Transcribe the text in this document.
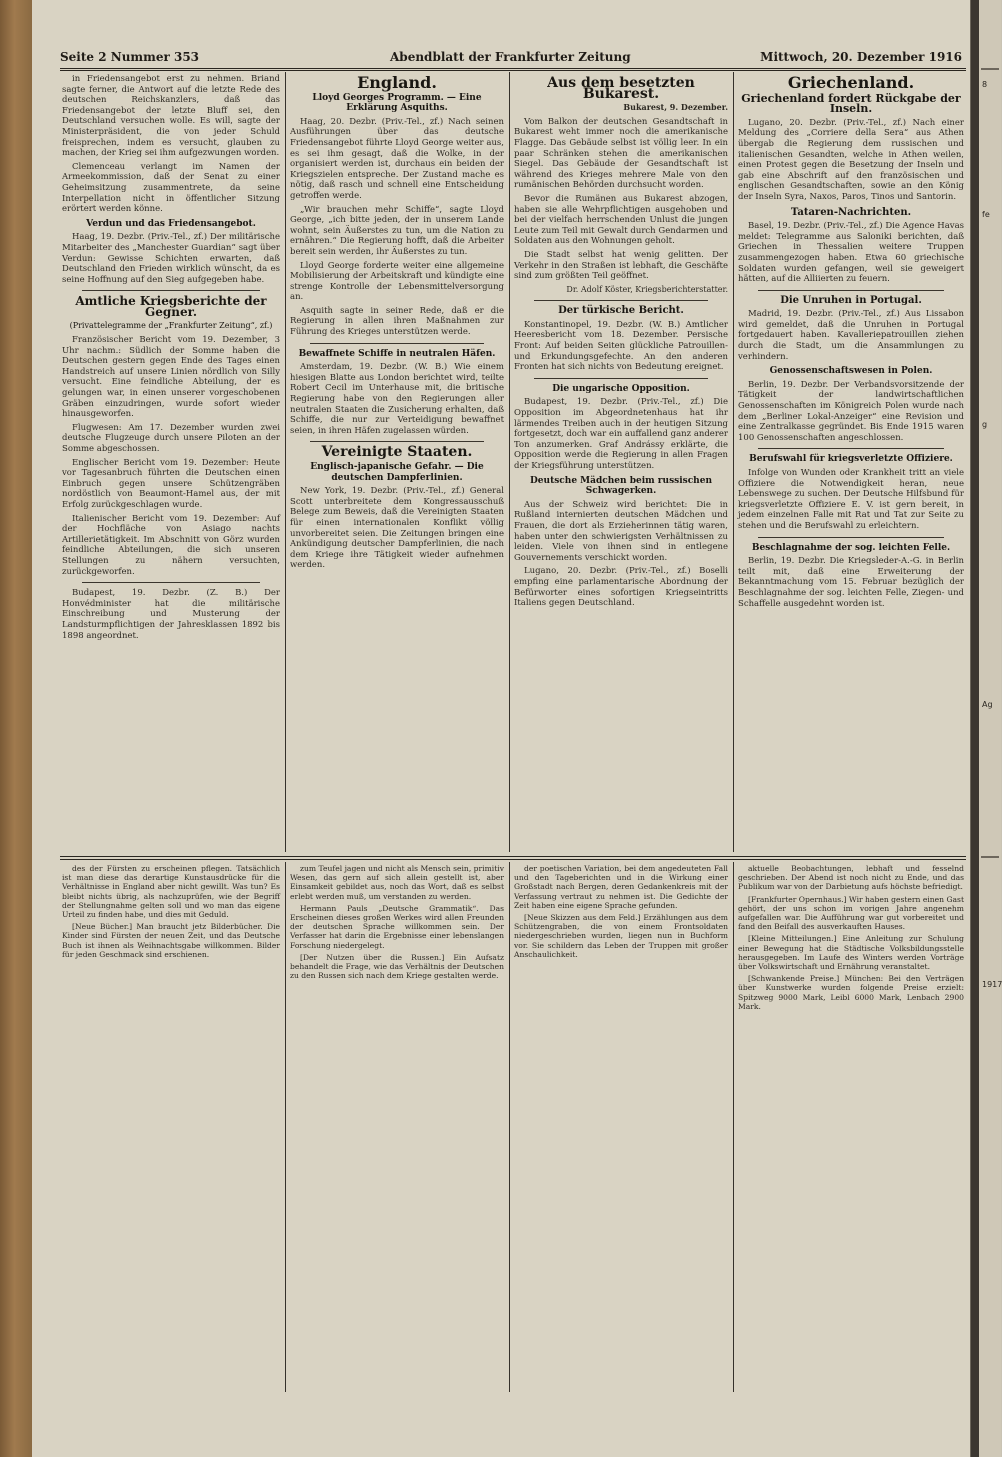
Seite 2 Nummer 353	Abendblatt der Frankfurter Zeitung	Mittwoch, 20. Dezember 1916

in Friedensangebot erst zu nehmen. Briand sagte ferner, die Antwort auf die letzte Rede des deutschen Reichskanzlers, daß das Friedensangebot der letzte Bluff sei, den Deutschland versuchen wolle. Es will, sagte der Ministerpräsident, die von jeder Schuld freisprechen, indem es versucht, glauben zu machen, der Krieg sei ihm aufgezwungen worden.

Clemenceau verlangt im Namen der Armeekommission, daß der Senat zu einer Geheimsitzung zusammentrete, da seine Interpellation nicht in öffentlicher Sitzung erörtert werden könne.

Verdun und das Friedensangebot.

Haag, 19. Dezbr. (Priv.-Tel., zf.) Der militärische Mitarbeiter des „Manchester Guardian“ sagt über Verdun: Gewisse Schichten erwarten, daß Deutschland den Frieden wirklich wünscht, da es seine Hoffnung auf den Sieg aufgegeben habe.

Amtliche Kriegsberichte der Gegner.
(Privattelegramme der „Frankfurter Zeitung“, zf.)

Französischer Bericht vom 19. Dezember, 3 Uhr nachm.: Südlich der Somme haben die Deutschen gestern gegen Ende des Tages einen Handstreich auf unsere Linien nördlich von Silly versucht. Eine feindliche Abteilung, der es gelungen war, in einen unserer vorgeschobenen Gräben einzudringen, wurde sofort wieder hinausgeworfen.

Flugwesen: Am 17. Dezember wurden zwei deutsche Flugzeuge durch unsere Piloten an der Somme abgeschossen.

Englischer Bericht vom 19. Dezember: Heute vor Tagesanbruch führten die Deutschen einen Einbruch gegen unsere Schützengräben nordöstlich von Beaumont-Hamel aus, der mit Erfolg zurückgeschlagen wurde.

Italienischer Bericht vom 19. Dezember: Auf der Hochfläche von Asiago nachts Artillerietätigkeit. Im Abschnitt von Görz wurden feindliche Abteilungen, die sich unseren Stellungen zu nähern versuchten, zurückgeworfen.

Budapest, 19. Dezbr. (Z. B.) Der Honvédminister hat die militärische Einschreibung und Musterung der Landsturmpflichtigen der Jahresklassen 1892 bis 1898 angeordnet.

England.
Lloyd Georges Programm. — Eine Erklärung Asquiths.

Haag, 20. Dezbr. (Priv.-Tel., zf.) Nach seinen Ausführungen über das deutsche Friedensangebot führte Lloyd George weiter aus, es sei ihm gesagt, daß die Wolke, in der organisiert werden ist, durchaus ein beiden der Kriegszielen entspreche. Der Zustand mache es nötig, daß rasch und schnell eine Entscheidung getroffen werde.

„Wir brauchen mehr Schiffe“, sagte Lloyd George, „ich bitte jeden, der in unserem Lande wohnt, sein Äußerstes zu tun, um die Nation zu ernähren.“ Die Regierung hofft, daß die Arbeiter bereit sein werden, ihr Äußerstes zu tun.

Lloyd George forderte weiter eine allgemeine Mobilisierung der Arbeitskraft und kündigte eine strenge Kontrolle der Lebensmittelversorgung an.

Asquith sagte in seiner Rede, daß er die Regierung in allen ihren Maßnahmen zur Führung des Krieges unterstützen werde.

Bewaffnete Schiffe in neutralen Häfen.

Amsterdam, 19. Dezbr. (W. B.) Wie einem hiesigen Blatte aus London berichtet wird, teilte Robert Cecil im Unterhause mit, die britische Regierung habe von den Regierungen aller neutralen Staaten die Zusicherung erhalten, daß Schiffe, die nur zur Verteidigung bewaffnet seien, in ihren Häfen zugelassen würden.

Vereinigte Staaten.
Englisch-japanische Gefahr. — Die deutschen Dampferlinien.

New York, 19. Dezbr. (Priv.-Tel., zf.) General Scott unterbreitete dem Kongressausschuß Belege zum Beweis, daß die Vereinigten Staaten für einen internationalen Konflikt völlig unvorbereitet seien. Die Zeitungen bringen eine Ankündigung deutscher Dampferlinien, die nach dem Kriege ihre Tätigkeit wieder aufnehmen werden.

Aus dem besetzten Bukarest.
Bukarest, 9. Dezember.

Vom Balkon der deutschen Gesandtschaft in Bukarest weht immer noch die amerikanische Flagge. Das Gebäude selbst ist völlig leer. In ein paar Schränken stehen die amerikanischen Siegel. Das Gebäude der Gesandtschaft ist während des Krieges mehrere Male von den rumänischen Behörden durchsucht worden.

Bevor die Rumänen aus Bukarest abzogen, haben sie alle Wehrpflichtigen ausgehoben und bei der vielfach herrschenden Unlust die jungen Leute zum Teil mit Gewalt durch Gendarmen und Soldaten aus den Wohnungen geholt.

Die Stadt selbst hat wenig gelitten. Der Verkehr in den Straßen ist lebhaft, die Geschäfte sind zum größten Teil geöffnet.

Dr. Adolf Köster, Kriegsberichterstatter.
Der türkische Bericht.

Konstantinopel, 19. Dezbr. (W. B.) Amtlicher Heeresbericht vom 18. Dezember. Persische Front: Auf beiden Seiten glückliche Patrouillen- und Erkundungsgefechte. An den anderen Fronten hat sich nichts von Bedeutung ereignet.

Die ungarische Opposition.

Budapest, 19. Dezbr. (Priv.-Tel., zf.) Die Opposition im Abgeordnetenhaus hat ihr lärmendes Treiben auch in der heutigen Sitzung fortgesetzt, doch war ein auffallend ganz anderer Ton anzumerken. Graf Andrássy erklärte, die Opposition werde die Regierung in allen Fragen der Kriegsführung unterstützen.

Deutsche Mädchen beim russischen Schwagerken.

Aus der Schweiz wird berichtet: Die in Rußland internierten deutschen Mädchen und Frauen, die dort als Erzieherinnen tätig waren, haben unter den schwierigsten Verhältnissen zu leiden. Viele von ihnen sind in entlegene Gouvernements verschickt worden.

Lugano, 20. Dezbr. (Priv.-Tel., zf.) Boselli empfing eine parlamentarische Abordnung der Befürworter eines sofortigen Kriegseintritts Italiens gegen Deutschland.

Griechenland.
Griechenland fordert Rückgabe der Inseln.

Lugano, 20. Dezbr. (Priv.-Tel., zf.) Nach einer Meldung des „Corriere della Sera“ aus Athen übergab die Regierung dem russischen und italienischen Gesandten, welche in Athen weilen, einen Protest gegen die Besetzung der Inseln und gab eine Abschrift auf den französischen und englischen Gesandtschaften, sowie an den König der Inseln Syra, Naxos, Paros, Tinos und Santorin.

Tataren-Nachrichten.

Basel, 19. Dezbr. (Priv.-Tel., zf.) Die Agence Havas meldet: Telegramme aus Saloniki berichten, daß Griechen in Thessalien weitere Truppen zusammengezogen haben. Etwa 60 griechische Soldaten wurden gefangen, weil sie geweigert hätten, auf die Alliierten zu feuern.

Die Unruhen in Portugal.

Madrid, 19. Dezbr. (Priv.-Tel., zf.) Aus Lissabon wird gemeldet, daß die Unruhen in Portugal fortgedauert haben. Kavalleriepatrouillen ziehen durch die Stadt, um die Ansammlungen zu verhindern.

Genossenschaftswesen in Polen.

Berlin, 19. Dezbr. Der Verbandsvorsitzende der Tätigkeit der landwirtschaftlichen Genossenschaften im Königreich Polen wurde nach dem „Berliner Lokal-Anzeiger“ eine Revision und eine Zentralkasse gegründet. Bis Ende 1915 waren 100 Genossenschaften angeschlossen.

Berufswahl für kriegsverletzte Offiziere.

Infolge von Wunden oder Krankheit tritt an viele Offiziere die Notwendigkeit heran, neue Lebenswege zu suchen. Der Deutsche Hilfsbund für kriegsverletzte Offiziere E. V. ist gern bereit, in jedem einzelnen Falle mit Rat und Tat zur Seite zu stehen und die Berufswahl zu erleichtern.

Beschlagnahme der sog. leichten Felle.

Berlin, 19. Dezbr. Die Kriegsleder-A.-G. in Berlin teilt mit, daß eine Erweiterung der Bekanntmachung vom 15. Februar bezüglich der Beschlagnahme der sog. leichten Felle, Ziegen- und Schaffelle ausgedehnt worden ist.

des der Fürsten zu erscheinen pflegen. Tatsächlich ist man diese das derartige Kunstausdrücke für die Verhältnisse in England aber nicht gewillt. Was tun? Es bleibt nichts übrig, als nachzuprüfen, wie der Begriff der Stellungnahme gelten soll und wo man das eigene Urteil zu finden habe, und dies mit Geduld.

[Neue Bücher.] Man braucht jetz Bilderbücher. Die Kinder sind Fürsten der neuen Zeit, und das Deutsche Buch ist ihnen als Weihnachtsgabe willkommen. Bilder für jeden Geschmack sind erschienen.

zum Teufel jagen und nicht als Mensch sein, primitiv Wesen, das gern auf sich allein gestellt ist, aber Einsamkeit gebildet aus, noch das Wort, daß es selbst erlebt werden muß, um verstanden zu werden.

Hermann Pauls „Deutsche Grammatik“. Das Erscheinen dieses großen Werkes wird allen Freunden der deutschen Sprache willkommen sein. Der Verfasser hat darin die Ergebnisse einer lebenslangen Forschung niedergelegt.

[Der Nutzen über die Russen.] Ein Aufsatz behandelt die Frage, wie das Verhältnis der Deutschen zu den Russen sich nach dem Kriege gestalten werde.

der poetischen Variation, bei dem angedeuteten Fall und den Tageberichten und in die Wirkung einer Großstadt nach Bergen, deren Gedankenkreis mit der Verfassung vertraut zu nehmen ist. Die Gedichte der Zeit haben eine eigene Sprache gefunden.

[Neue Skizzen aus dem Feld.] Erzählungen aus dem Schützengraben, die von einem Frontsoldaten niedergeschrieben wurden, liegen nun in Buchform vor. Sie schildern das Leben der Truppen mit großer Anschaulichkeit.

aktuelle Beobachtungen, lebhaft und fesselnd geschrieben. Der Abend ist noch nicht zu Ende, und das Publikum war von der Darbietung aufs höchste befriedigt.

[Frankfurter Opernhaus.] Wir haben gestern einen Gast gehört, der uns schon im vorigen Jahre angenehm aufgefallen war. Die Aufführung war gut vorbereitet und fand den Beifall des ausverkauften Hauses.

[Kleine Mitteilungen.] Eine Anleitung zur Schulung einer Bewegung hat die Städtische Volksbildungsstelle herausgegeben. Im Laufe des Winters werden Vorträge über Volkswirtschaft und Ernährung veranstaltet.

[Schwankende Preise.] München: Bei den Verträgen über Kunstwerke wurden folgende Preise erzielt: Spitzweg 9000 Mark, Leibl 6000 Mark, Lenbach 2900 Mark.

8
fe
g
Ag
1917
